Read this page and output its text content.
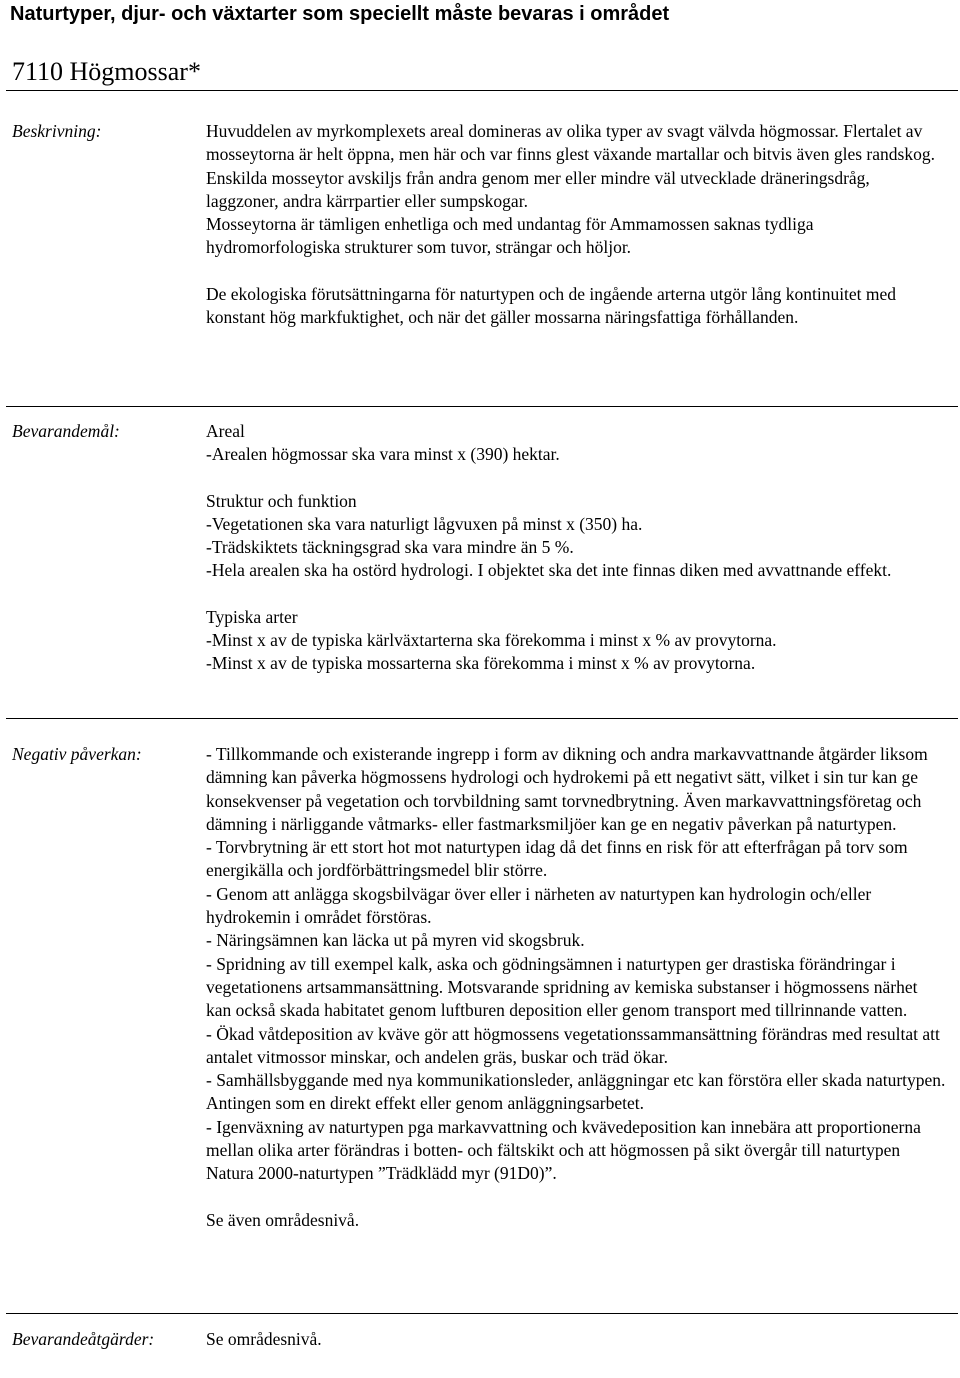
Naturtyper, djur- och växtarter som speciellt måste bevaras i området
7110 Högmossar*
Beskrivning:	Huvuddelen av myrkomplexets areal domineras av olika typer av svagt välvda högmossar. Flertalet av mosseytorna är helt öppna, men här och var finns glest växande martallar och bitvis även gles randskog. Enskilda mosseytor avskiljs från andra genom mer eller mindre väl utvecklade dräneringsdråg, laggzoner, andra kärrpartier eller sumpskogar.

Mosseytorna är tämligen enhetliga och med undantag för Ammamossen saknas tydliga hydromorfologiska strukturer som tuvor, strängar och höljor.

De ekologiska förutsättningarna för naturtypen och de ingående arterna utgör lång kontinuitet med konstant hög markfuktighet, och när det gäller mossarna näringsfattiga förhållanden.

Bevarandemål:	Areal

-Arealen högmossar ska vara minst x (390) hektar.

Struktur och funktion

-Vegetationen ska vara naturligt lågvuxen på minst x (350) ha.

-Trädskiktets täckningsgrad ska vara mindre än 5 %.

-Hela arealen ska ha ostörd hydrologi. I objektet ska det inte finnas diken med avvattnande effekt.

Typiska arter

-Minst x av de typiska kärlväxtarterna ska förekomma i minst x % av provytorna.

-Minst x av de typiska mossarterna ska förekomma i minst x % av provytorna.

Negativ påverkan:	- Tillkommande och existerande ingrepp i form av dikning och andra markavvattnande åtgärder liksom dämning kan påverka högmossens hydrologi och hydrokemi på ett negativt sätt, vilket i sin tur kan ge konsekvenser på vegetation och torvbildning samt torvnedbrytning. Även markavvattningsföretag och dämning i närliggande våtmarks- eller fastmarksmiljöer kan ge en negativ påverkan på naturtypen.

- Torvbrytning är ett stort hot mot naturtypen idag då det finns en risk för att efterfrågan på torv som energikälla och jordförbättringsmedel blir större.

- Genom att anlägga skogsbilvägar över eller i närheten av naturtypen kan hydrologin och/eller hydrokemin i området förstöras.

- Näringsämnen kan läcka ut på myren vid skogsbruk.

- Spridning av till exempel kalk, aska och gödningsämnen i naturtypen ger drastiska förändringar i vegetationens artsammansättning. Motsvarande spridning av kemiska substanser i högmossens närhet kan också skada habitatet genom luftburen deposition eller genom transport med tillrinnande vatten.

- Ökad våtdeposition av kväve gör att högmossens vegetationssammansättning förändras med resultat att antalet vitmossor minskar, och andelen gräs, buskar och träd ökar.

- Samhällsbyggande med nya kommunikationsleder, anläggningar etc kan förstöra eller skada naturtypen. Antingen som en direkt effekt eller genom anläggningsarbetet.

- Igenväxning av naturtypen pga markavvattning och kvävedeposition kan innebära att proportionerna mellan olika arter förändras i botten- och fältskikt och att högmossen på sikt övergår till naturtypen Natura 2000-naturtypen ”Trädklädd myr (91D0)”.

Se även områdesnivå.

Bevarandeåtgärder:	Se områdesnivå.
